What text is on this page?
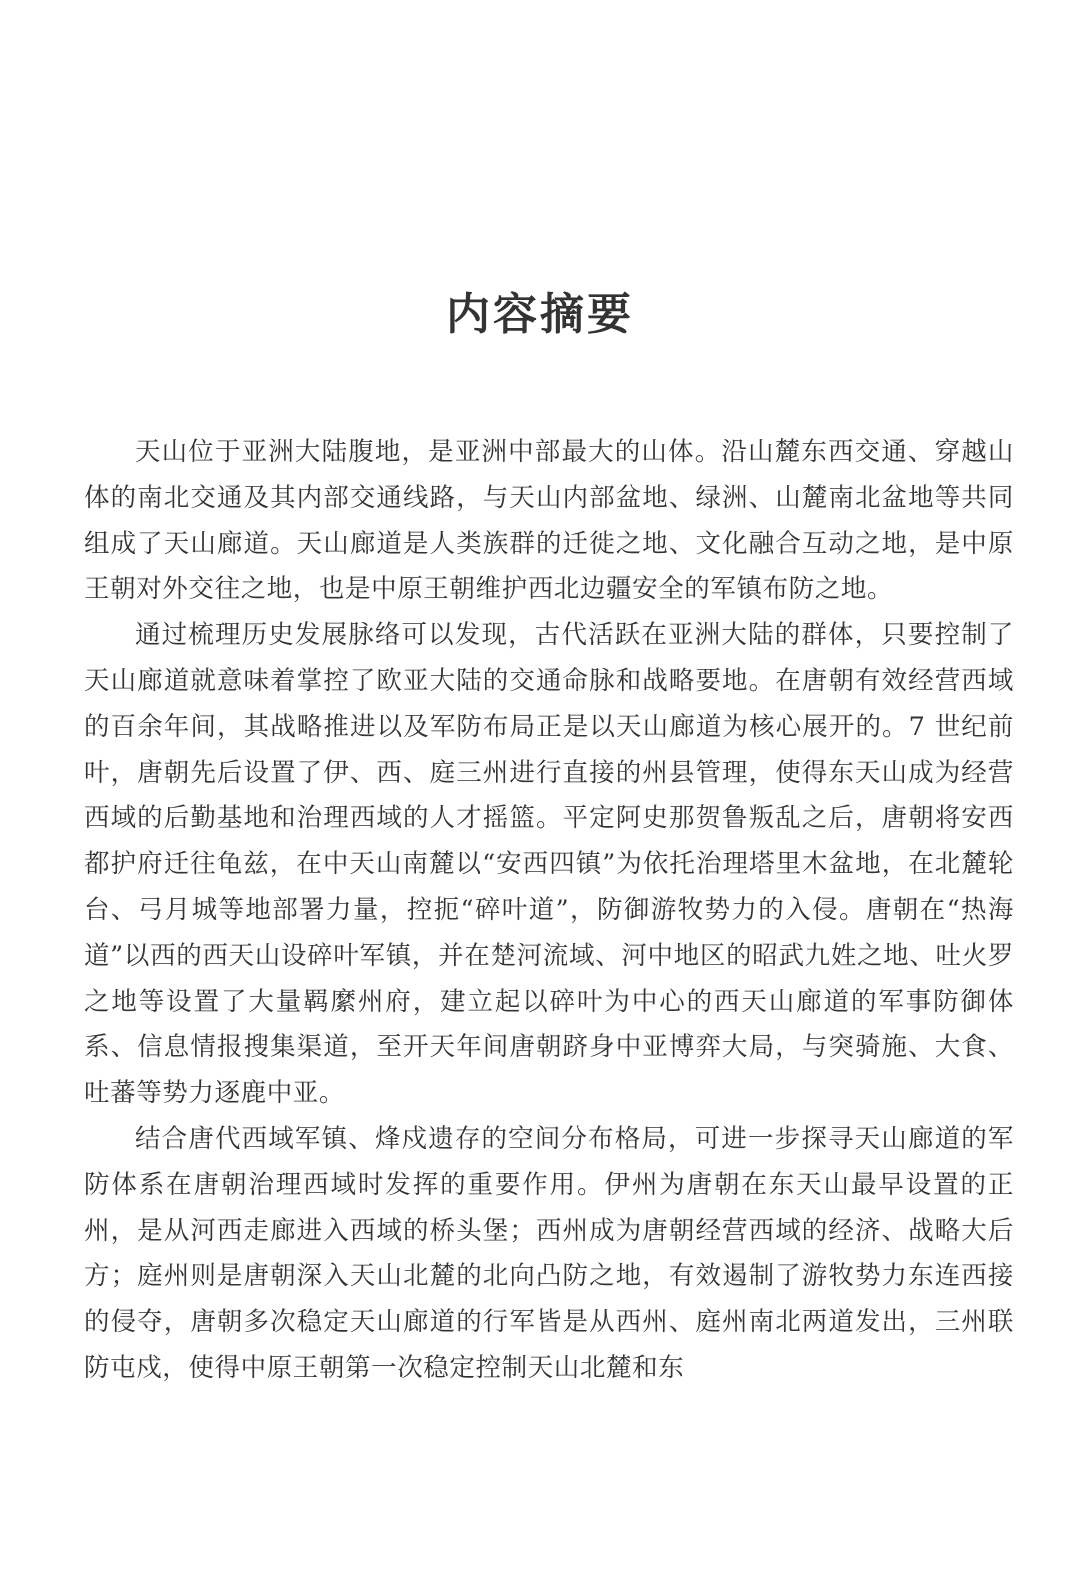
内容摘要

天山位于亚洲大陆腹地，是亚洲中部最大的山体。沿山麓东西交通、穿越山体的南北交通及其内部交通线路，与天山内部盆地、绿洲、山麓南北盆地等共同组成了天山廊道。天山廊道是人类族群的迁徙之地、文化融合互动之地，是中原王朝对外交往之地，也是中原王朝维护西北边疆安全的军镇布防之地。

通过梳理历史发展脉络可以发现，古代活跃在亚洲大陆的群体，只要控制了天山廊道就意味着掌控了欧亚大陆的交通命脉和战略要地。在唐朝有效经营西域的百余年间，其战略推进以及军防布局正是以天山廊道为核心展开的。7 世纪前叶，唐朝先后设置了伊、西、庭三州进行直接的州县管理，使得东天山成为经营西域的后勤基地和治理西域的人才摇篮。平定阿史那贺鲁叛乱之后，唐朝将安西都护府迁往龟兹，在中天山南麓以“安西四镇”为依托治理塔里木盆地，在北麓轮台、弓月城等地部署力量，控扼“碎叶道”，防御游牧势力的入侵。唐朝在“热海道”以西的西天山设碎叶军镇，并在楚河流域、河中地区的昭武九姓之地、吐火罗之地等设置了大量羁縻州府，建立起以碎叶为中心的西天山廊道的军事防御体系、信息情报搜集渠道，至开天年间唐朝跻身中亚博弈大局，与突骑施、大食、吐蕃等势力逐鹿中亚。

结合唐代西域军镇、烽戍遗存的空间分布格局，可进一步探寻天山廊道的军防体系在唐朝治理西域时发挥的重要作用。伊州为唐朝在东天山最早设置的正州，是从河西走廊进入西域的桥头堡；西州成为唐朝经营西域的经济、战略大后方；庭州则是唐朝深入天山北麓的北向凸防之地，有效遏制了游牧势力东连西接的侵夺，唐朝多次稳定天山廊道的行军皆是从西州、庭州南北两道发出，三州联防屯戍，使得中原王朝第一次稳定控制天山北麓和东
